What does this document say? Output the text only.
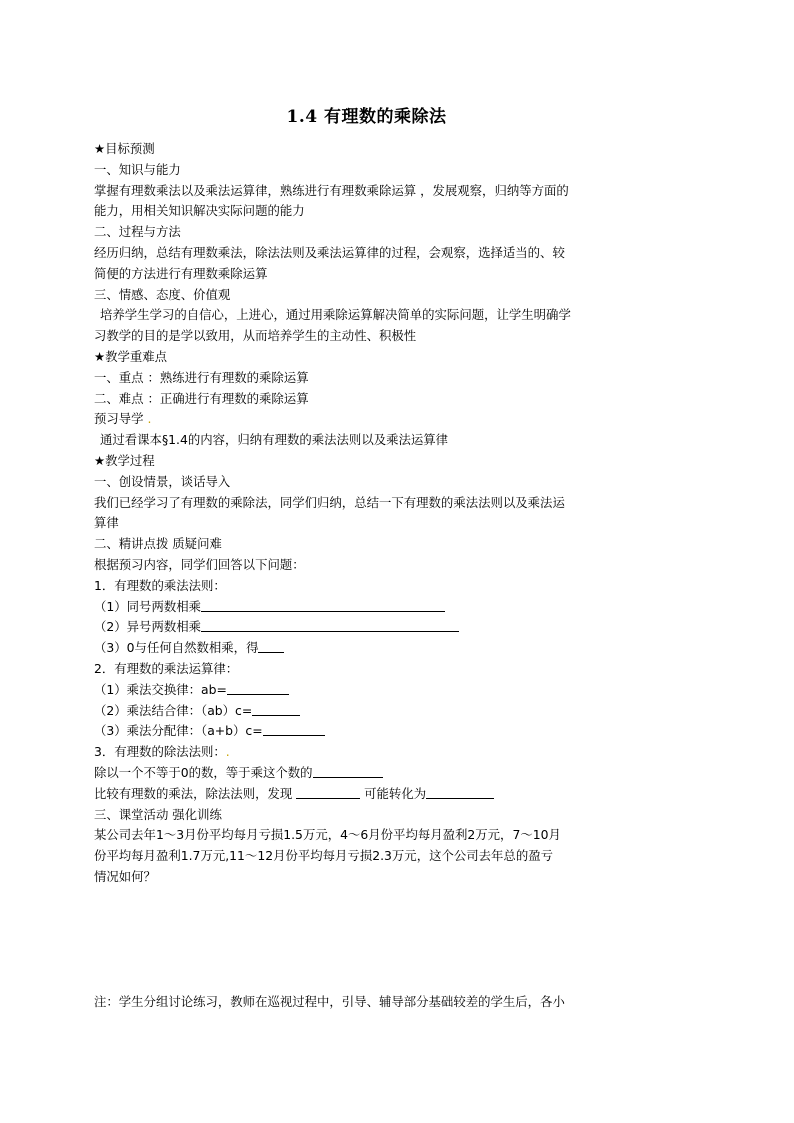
1.4 有理数的乘除法
★目标预测
一、知识与能力
掌握有理数乘法以及乘法运算律，熟练进行有理数乘除运算 ，发展观察，归纳等方面的
能力，用相关知识解决实际问题的能力
二、过程与方法
经历归纳，总结有理数乘法，除法法则及乘法运算律的过程，会观察，选择适当的、较
简便的方法进行有理数乘除运算
三、情感、态度、价值观
培养学生学习的自信心，上进心，通过用乘除运算解决简单的实际问题，让学生明确学
习教学的目的是学以致用，从而培养学生的主动性、积极性
★教学重难点
一、重点 ：熟练进行有理数的乘除运算
二、难点 ：正确进行有理数的乘除运算
预习导学 .
通过看课本§1.4的内容，归纳有理数的乘法法则以及乘法运算律
★教学过程
一、创设情景，谈话导入
我们已经学习了有理数的乘除法，同学们归纳，总结一下有理数的乘法法则以及乘法运
算律
二、精讲点拨 质疑问难
根据预习内容，同学们回答以下问题：
1．有理数的乘法法则：
（1）同号两数相乘
（2）异号两数相乘
（3）0与任何自然数相乘，得
2．有理数的乘法运算律：
（1）乘法交换律：ab=
（2）乘法结合律：（ab）c=
（3）乘法分配律：（a+b）c=
3．有理数的除法法则：.
除以一个不等于0的数，等于乘这个数的
比较有理数的乘法，除法法则，发现	可能转化为
三、课堂活动 强化训练
某公司去年1～3月份平均每月亏损1.5万元，4～6月份平均每月盈利2万元，7～10月
份平均每月盈利1.7万元,11～12月份平均每月亏损2.3万元，这个公司去年总的盈亏
情况如何？
注：学生分组讨论练习，教师在巡视过程中，引导、辅导部分基础较差的学生后，各小
